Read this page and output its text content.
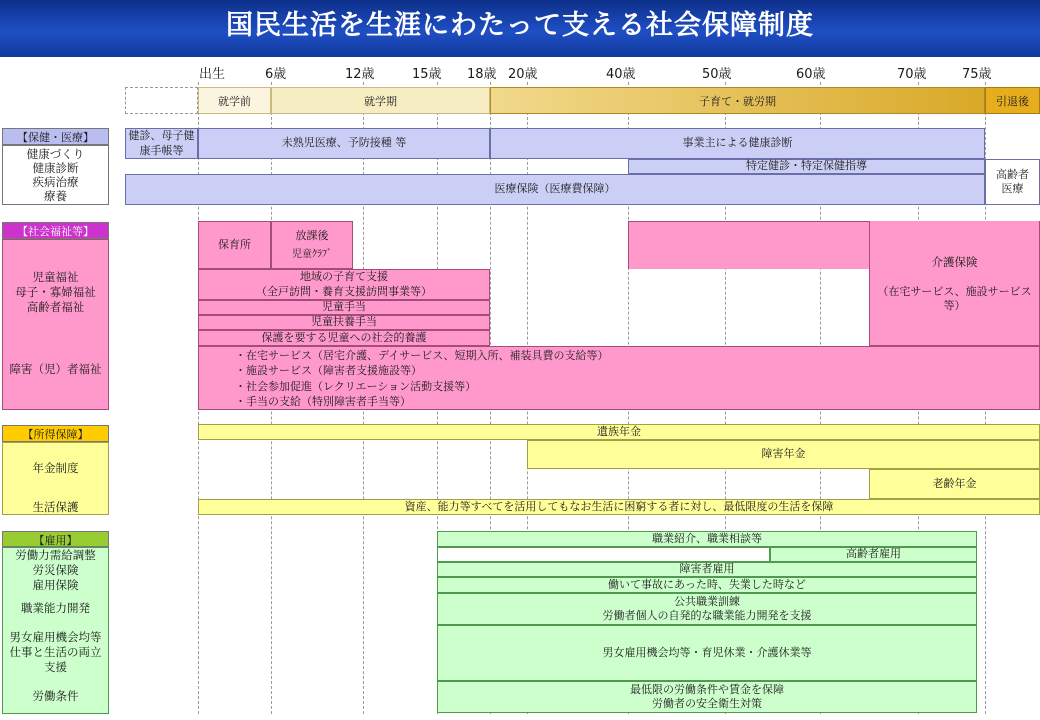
国民生活を生涯にわたって支える社会保障制度
出生	6歳	12歳	15歳 18歳 20歳	40歳	50歳	60歳	70歳	75歳
就学前	就学期	子育て・就労期	引退後
【保健・医療】
健康づくり
健康診断
疾病治療
療養
健診、母子健
康手帳等
未熟児医療、予防接種 等	事業主による健康診断
特定健診・特定保健指導
医療保険（医療費保障）
高齢者
医療
【社会福祉等】
児童福祉
母子・寡婦福祉
高齢者福祉
障害（児）者福祉
保育所
放課後
児童ｸﾗﾌﾞ
地域の子育て支援
（全戸訪問・養育支援訪問事業等）
児童手当
児童扶養手当
保護を要する児童への社会的養護
介護保険
（在宅サービス、施設サービス
等）
・在宅サービス（居宅介護、デイサービス、短期入所、補装具費の支給等）
・施設サービス（障害者支援施設等）
・社会参加促進（レクリエーション活動支援等）
・手当の支給（特別障害者手当等）
【所得保障】
年金制度
生活保護
遺族年金
障害年金
老齢年金
資産、能力等すべてを活用してもなお生活に困窮する者に対し、最低限度の生活を保障
【雇用】
労働力需給調整
労災保険
雇用保険
職業能力開発
男女雇用機会均等
仕事と生活の両立
支援
労働条件
職業紹介、職業相談等
高齢者雇用
障害者雇用
働いて事故にあった時、失業した時など
公共職業訓練
労働者個人の自発的な職業能力開発を支援
男女雇用機会均等・育児休業・介護休業等
最低限の労働条件や賃金を保障
労働者の安全衛生対策
